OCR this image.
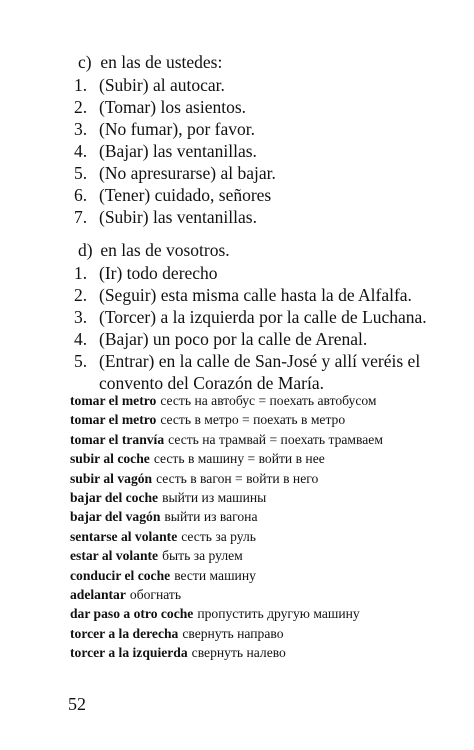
c) en las de ustedes:
1. (Subir) al autocar.
2. (Tomar) los asientos.
3. (No fumar), por favor.
4. (Bajar) las ventanillas.
5. (No apresurarse) al bajar.
6. (Tener) cuidado, señores
7. (Subir) las ventanillas.
d) en las de vosotros.
1. (Ir) todo derecho
2. (Seguir) esta misma calle hasta la de Alfalfa.
3. (Torcer) a la izquierda por la calle de Luchana.
4. (Bajar) un poco por la calle de Arenal.
5. (Entrar) en la calle de San-José y allí veréis el convento del Corazón de María.
tomar el metro сесть на автобус = поехать автобусом
tomar el metro сесть в метро = поехать в метро
tomar el tranvía сесть на трамвай = поехать трамваем
subir al coche сесть в машину = войти в нее
subir al vagón сесть в вагон = войти в него
bajar del coche выйти из машины
bajar del vagón выйти из вагона
sentarse al volante сесть за руль
estar al volante быть за рулем
conducir el coche вести машину
adelantar обогнать
dar paso a otro coche пропустить другую машину
torcer a la derecha свернуть направо
torcer a la izquierda свернуть налево
52
